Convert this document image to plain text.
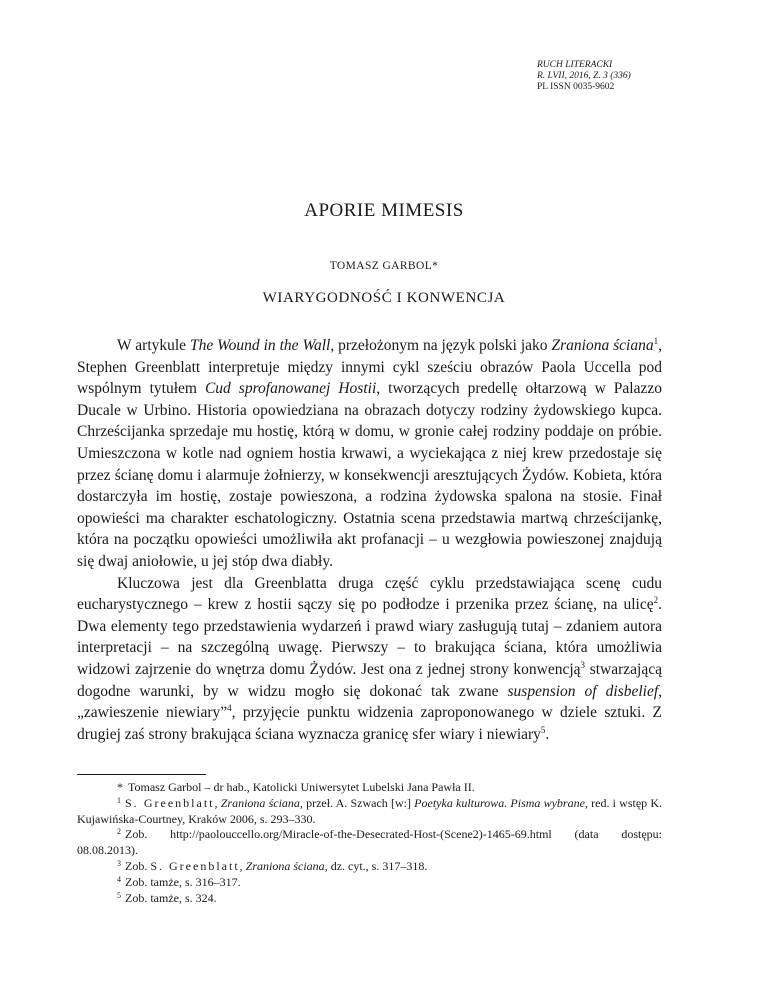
RUCH LITERACKI
R. LVII, 2016, Z. 3 (336)
PL ISSN 0035-9602
APORIE MIMESIS
TOMASZ GARBOL*
WIARYGODNOŚĆ I KONWENCJA

W artykule The Wound in the Wall, przełożonym na język polski jako Zraniona ściana$^1$, Stephen Greenblatt interpretuje między innymi cykl sześciu obrazów Paola Uccella pod wspólnym tytułem Cud sprofanowanej Hostii, tworzących predellę ołtarzową w Palazzo Ducale w Urbino. Historia opowiedziana na obrazach dotyczy rodziny żydowskiego kupca. Chrześcijanka sprzedaje mu hostię, którą w domu, w gronie całej rodziny poddaje on próbie. Umieszczona w kotle nad ogniem hostia krwawi, a wyciekająca z niej krew przedostaje się przez ścianę domu i alarmuje żołnierzy, w konsekwencji aresztujących Żydów. Kobieta, która dostarczyła im hostię, zostaje powieszona, a rodzina żydowska spalona na stosie. Finał opowieści ma charakter eschatologiczny. Ostatnia scena przedstawia martwą chrześcijankę, która na początku opowieści umożliwiła akt profanacji – u wezgłowia powieszonej znajdują się dwaj aniołowie, u jej stóp dwa diabły.

Kluczowa jest dla Greenblatta druga część cyklu przedstawiająca scenę cudu eucharystycznego – krew z hostii sączy się po podłodze i przenika przez ścianę, na ulicę$^2$. Dwa elementy tego przedstawienia wydarzeń i prawd wiary zasługują tutaj – zdaniem autora interpretacji – na szczególną uwagę. Pierwszy – to brakująca ściana, która umożliwia widzowi zajrzenie do wnętrza domu Żydów. Jest ona z jednej strony konwencją$^3$ stwarzającą dogodne warunki, by w widzu mogło się dokonać tak zwane suspension of disbelief, „zawieszenie niewiary”$^4$, przyjęcie punktu widzenia zaproponowanego w dziele sztuki. Z drugiej zaś strony brakująca ściana wyznacza granicę sfer wiary i niewiary$^5$.

* Tomasz Garbol – dr hab., Katolicki Uniwersytet Lubelski Jana Pawła II.

$^1$ S. Greenblatt, Zraniona ściana, przeł. A. Szwach [w:] Poetyka kulturowa. Pisma wybrane, red. i wstęp K. Kujawińska-Courtney, Kraków 2006, s. 293–330.

$^2$ Zob. http://paolouccello.org/Miracle-of-the-Desecrated-Host-(Scene2)-1465-69.html (data dostępu: 08.08.2013).

$^3$ Zob. S. Greenblatt, Zraniona ściana, dz. cyt., s. 317–318.

$^4$ Zob. tamże, s. 316–317.

$^5$ Zob. tamże, s. 324.
